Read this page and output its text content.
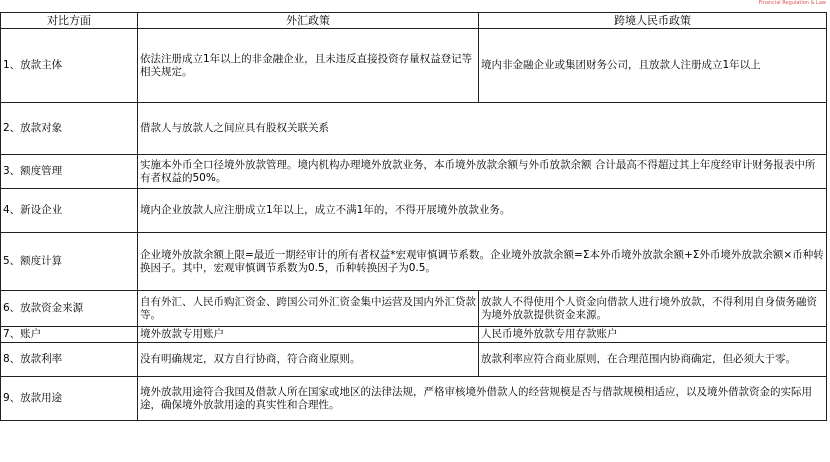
Financial Regulation & Law
对比方面	外汇政策	跨境人民币政策
1、放款主体	依法注册成立1年以上的非金融企业，且未违反直接投资存量权益登记等相关规定。	境内非金融企业或集团财务公司，且放款人注册成立1年以上
2、放款对象	借款人与放款人之间应具有股权关联关系	
3、额度管理	实施本外币全口径境外放款管理。境内机构办理境外放款业务，本币境外放款余额与外币放款余额 合计最高不得超过其上年度经审计财务报表中所有者权益的50%。	
4、新设企业	境内企业放款人应注册成立1年以上，成立不满1年的，不得开展境外放款业务。	
5、额度计算	企业境外放款余额上限=最近一期经审计的所有者权益*宏观审慎调节系数。企业境外放款余额=Σ本外币境外放款余额+Σ外币境外放款余额×币种转换因子。其中，宏观审慎调节系数为0.5，币种转换因子为0.5。	
6、放款资金来源	自有外汇、人民币购汇资金、跨国公司外汇资金集中运营及国内外汇贷款等。	放款人不得使用个人资金向借款人进行境外放款，不得利用自身债务融资为境外放款提供资金来源。
7、账户	境外放款专用账户	人民币境外放款专用存款账户
8、放款利率	没有明确规定，双方自行协商，符合商业原则。	放款利率应符合商业原则，在合理范围内协商确定，但必须大于零。
9、放款用途	境外放款用途符合我国及借款人所在国家或地区的法律法规，严格审核境外借款人的经营规模是否与借款规模相适应，以及境外借款资金的实际用途，确保境外放款用途的真实性和合理性。	
